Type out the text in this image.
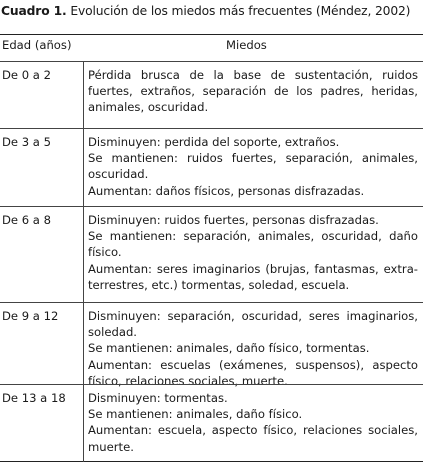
Cuadro 1. Evolución de los miedos más frecuentes (Méndez, 2002)
Edad (años)	Miedos
De 0 a 2	Pérdida brusca de la base de sustentación, ruidos fuertes, extraños, separación de los padres, heridas, animales, oscuridad.

De 3 a 5	Disminuyen: perdida del soporte, extraños.

Se mantienen: ruidos fuertes, separación, animales, oscuridad.

Aumentan: daños físicos, personas disfrazadas.

De 6 a 8	Disminuyen: ruidos fuertes, personas disfrazadas.

Se mantienen: separación, animales, oscuridad, daño físico.

Aumentan: seres imaginarios (brujas, fantasmas, extra-terrestres, etc.) tormentas, soledad, escuela.

De 9 a 12	Disminuyen: separación, oscuridad, seres imaginarios, soledad.

Se mantienen: animales, daño físico, tormentas.

Aumentan: escuelas (exámenes, suspensos), aspecto físico, relaciones sociales, muerte.

De 13 a 18 Disminuyen: tormentas.

Se mantienen: animales, daño físico.

Aumentan: escuela, aspecto físico, relaciones sociales, muerte.
